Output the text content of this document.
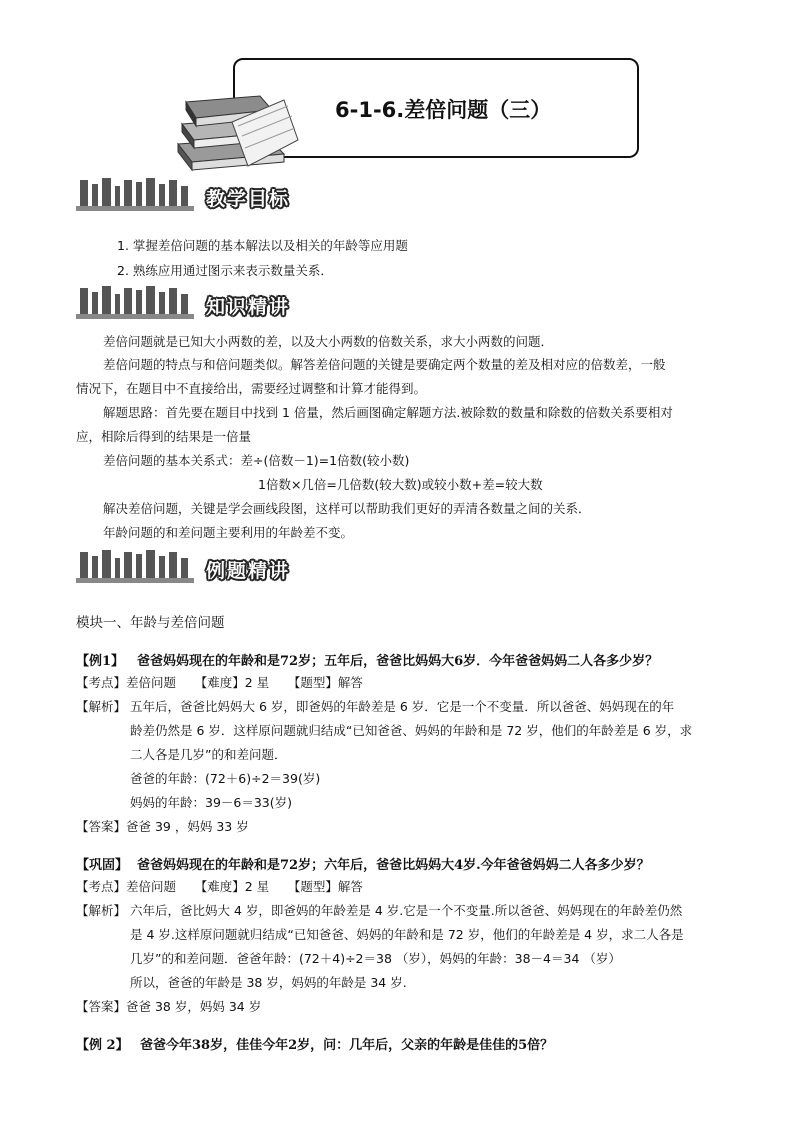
6-1-6.差倍问题（三）
教学目标
1. 掌握差倍问题的基本解法以及相关的年龄等应用题
2. 熟练应用通过图示来表示数量关系．
知识精讲
差倍问题就是已知大小两数的差，以及大小两数的倍数关系，求大小两数的问题．
差倍问题的特点与和倍问题类似。解答差倍问题的关键是要确定两个数量的差及相对应的倍数差，一般
情况下，在题目中不直接给出，需要经过调整和计算才能得到。
解题思路：首先要在题目中找到 1 倍量，然后画图确定解题方法.被除数的数量和除数的倍数关系要相对
应，相除后得到的结果是一倍量
差倍问题的基本关系式：差÷(倍数－1)=1倍数(较小数)
1倍数×几倍=几倍数(较大数)或较小数+差=较大数
解决差倍问题，关键是学会画线段图，这样可以帮助我们更好的弄清各数量之间的关系．
年龄问题的和差问题主要利用的年龄差不变。
例题精讲
模块一、年龄与差倍问题
【例1】 爸爸妈妈现在的年龄和是72岁；五年后，爸爸比妈妈大6岁．今年爸爸妈妈二人各多少岁？
【考点】差倍问题　　【难度】2 星　　【题型】解答
【解析】 五年后，爸爸比妈妈大 6 岁，即爸妈的年龄差是 6 岁．它是一个不变量．所以爸爸、妈妈现在的年
龄差仍然是 6 岁．这样原问题就归结成“已知爸爸、妈妈的年龄和是 72 岁，他们的年龄差是 6 岁，求
二人各是几岁”的和差问题．
爸爸的年龄：(72＋6)÷2＝39(岁)
妈妈的年龄：39－6＝33(岁)
【答案】爸爸 39 ，妈妈 33 岁
【巩固】 爸爸妈妈现在的年龄和是72岁；六年后，爸爸比妈妈大4岁.今年爸爸妈妈二人各多少岁？
【考点】差倍问题　　【难度】2 星　　【题型】解答
【解析】 六年后，爸比妈大 4 岁，即爸妈的年龄差是 4 岁.它是一个不变量.所以爸爸、妈妈现在的年龄差仍然
是 4 岁.这样原问题就归结成“已知爸爸、妈妈的年龄和是 72 岁，他们的年龄差是 4 岁，求二人各是
几岁”的和差问题．爸爸年龄：(72＋4)÷2＝38 （岁），妈妈的年龄：38－4＝34 （岁）
所以，爸爸的年龄是 38 岁，妈妈的年龄是 34 岁.
【答案】爸爸 38 岁，妈妈 34 岁
【例 2】 爸爸今年38岁，佳佳今年2岁，问：几年后，父亲的年龄是佳佳的5倍？
